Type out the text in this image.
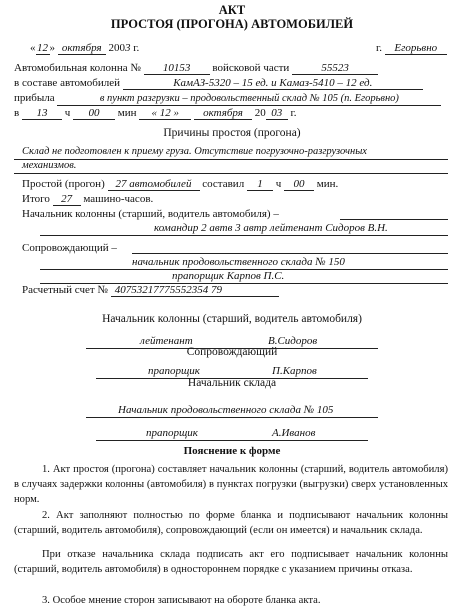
АКТ
ПРОСТОЯ (ПРОГОНА) АВТОМОБИЛЕЙ
« 12 » октября 2003 г.	г. Егорьвно
Автомобильная колонна № 10153 войсковой части	55523
в составе автомобилей	КамАЗ-5320 – 15 ед. и Камаз-5410 – 12 ед.
прибыла	в пункт разгрузки – продовольственный склад № 105 (п. Егорьвно)
в 13 ч 00 мин « 12 » октября 20 03 г.
Причины простоя (прогона)
Склад не подготовлен к приему груза. Отсутствие погрузочно-разгрузочных
механизмов.
Простой (прогон) 27 автомобилей составил 1 ч 00 мин.
Итого 27 машино-часов.
Начальник колонны (старший, водитель автомобиля) –
командир 2 автв 3 автр лейтенант Сидоров В.Н.
Сопровождающий –
начальник продовольственного склада № 150
прапорщик Карпов П.С.
Расчетный счет № 40753217775552354 79
Начальник колонны (старший, водитель автомобиля)
лейтенант	В.Сидоров
Сопровождающий
прапорщик	П.Карпов
Начальник склада
Начальник продовольственного склада № 105
прапорщик	А.Иванов
Пояснение к форме
1. Акт простоя (прогона) составляет начальник колонны (старший, водитель автомобиля) в случаях задержки колонны (автомобиля) в пунктах погрузки (выгрузки) сверх установленных норм.
2. Акт заполняют полностью по форме бланка и подписывают начальник колонны (старший, водитель автомобиля), сопровождающий (если он имеется) и начальник склада.
При отказе начальника склада подписать акт его подписывает начальник колонны (старший, водитель автомобиля) в одностороннем порядке с указанием причины отказа.
3. Особое мнение сторон записывают на обороте бланка акта.
